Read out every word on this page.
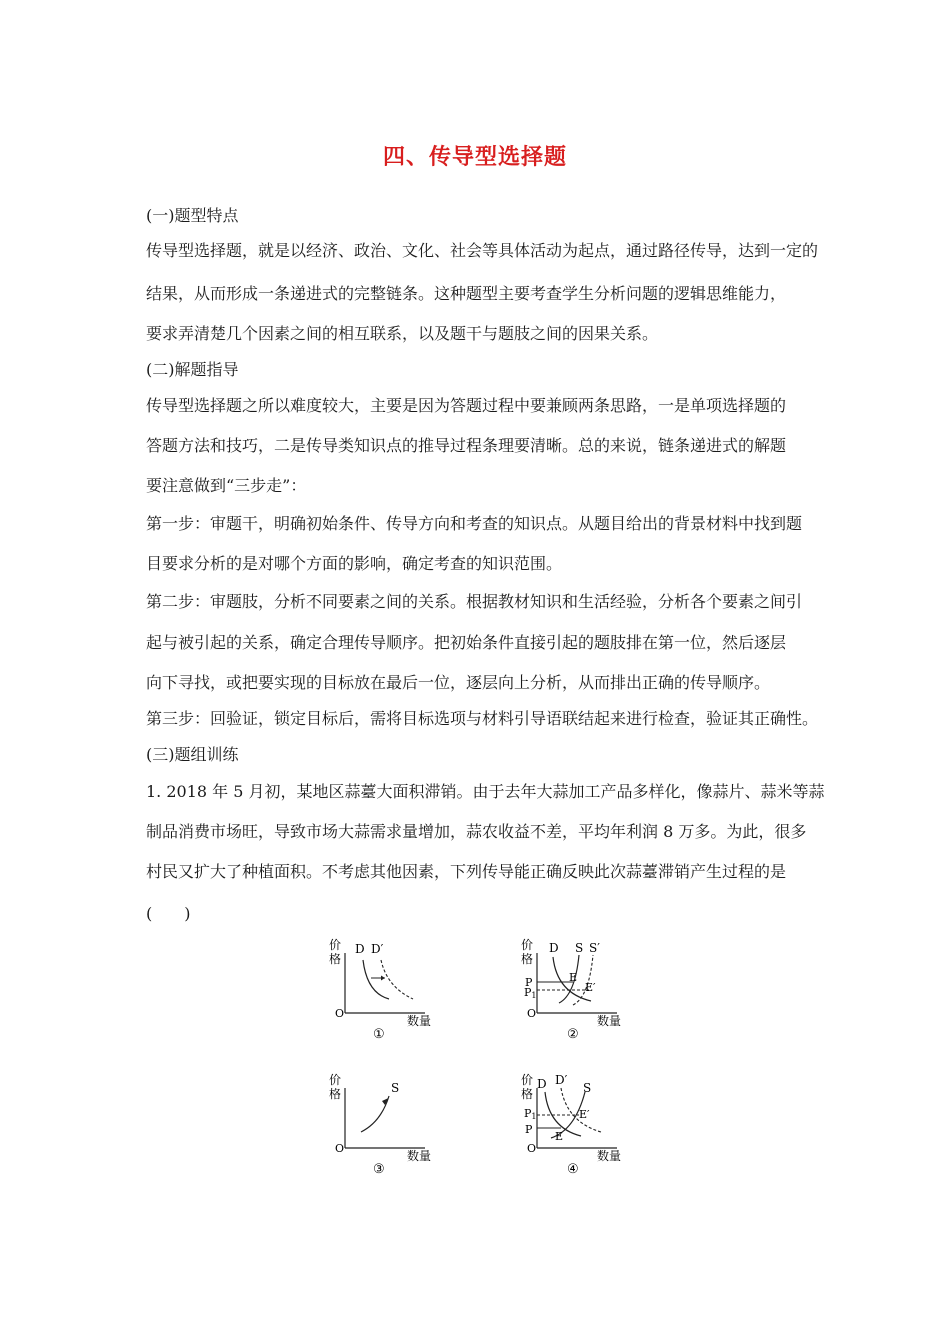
四、传导型选择题
(一)题型特点
传导型选择题，就是以经济、政治、文化、社会等具体活动为起点，通过路径传导，达到一定的
结果，从而形成一条递进式的完整链条。这种题型主要考查学生分析问题的逻辑思维能力，
要求弄清楚几个因素之间的相互联系，以及题干与题肢之间的因果关系。
(二)解题指导
传导型选择题之所以难度较大，主要是因为答题过程中要兼顾两条思路，一是单项选择题的
答题方法和技巧，二是传导类知识点的推导过程条理要清晰。总的来说，链条递进式的解题
要注意做到“三步走”：
第一步：审题干，明确初始条件、传导方向和考查的知识点。从题目给出的背景材料中找到题
目要求分析的是对哪个方面的影响，确定考查的知识范围。
第二步：审题肢，分析不同要素之间的关系。根据教材知识和生活经验，分析各个要素之间引
起与被引起的关系，确定合理传导顺序。把初始条件直接引起的题肢排在第一位，然后逐层
向下寻找，或把要实现的目标放在最后一位，逐层向上分析，从而排出正确的传导顺序。
第三步：回验证，锁定目标后，需将目标选项与材料引导语联结起来进行检查，验证其正确性。
(三)题组训练
1. 2018 年 5 月初，某地区蒜薹大面积滞销。由于去年大蒜加工产品多样化，像蒜片、蒜米等蒜
制品消费市场旺，导致市场大蒜需求量增加，蒜农收益不差，平均年利润 8 万多。为此，很多
村民又扩大了种植面积。不考虑其他因素，下列传导能正确反映此次蒜薹滞销产生过程的是
(　　)
价
格
O
数量
D D′
①
价
格
O
数量
P
P1
E
E′
D S S′
②
价
格
O
数量
S
③
价
格
O
数量
P1
P
E
E′
D D′
S
④
